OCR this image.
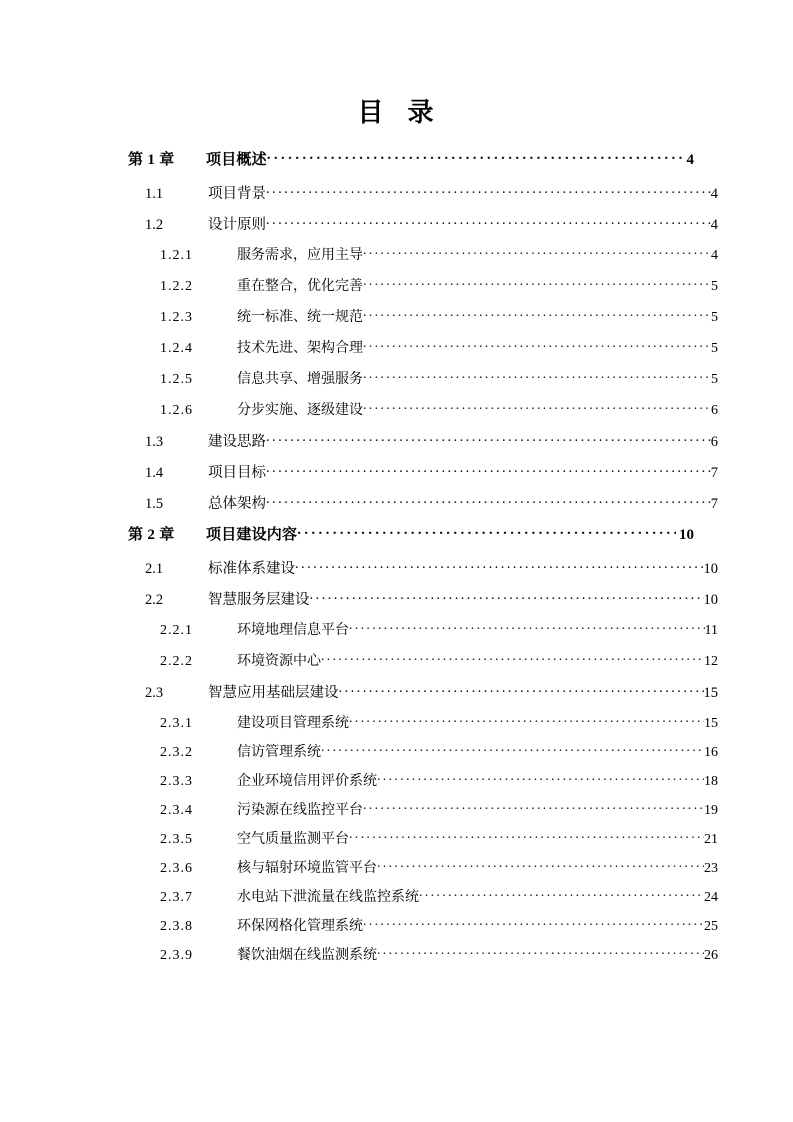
目  录
第 1 章	项目概述 . . .	4
1.1	项目背景 . . .	4
1.2	设计原则 . . .	4
1.2.1	服务需求，应用主导 . . .	4
1.2.2	重在整合，优化完善 . . .	5
1.2.3	统一标准、统一规范 . . .	5
1.2.4	技术先进、架构合理 . . .	5
1.2.5	信息共享、增强服务 . . .	5
1.2.6	分步实施、逐级建设 . . .	6
1.3	建设思路 . . .	6
1.4	项目目标 . . .	7
1.5	总体架构 . . .	7
第 2 章	项目建设内容 . . .	10
2.1	标准体系建设 . . .	10
2.2	智慧服务层建设 . . .	10
2.2.1	环境地理信息平台 . . .	11
2.2.2	环境资源中心 . . .	12
2.3	智慧应用基础层建设 . . .	15
2.3.1	建设项目管理系统 . . .	15
2.3.2	信访管理系统 . . .	16
2.3.3	企业环境信用评价系统 . . .	18
2.3.4	污染源在线监控平台 . . .	19
2.3.5	空气质量监测平台 . . .	21
2.3.6	核与辐射环境监管平台 . . .	23
2.3.7	水电站下泄流量在线监控系统 . . .	24
2.3.8	环保网格化管理系统 . . .	25
2.3.9	餐饮油烟在线监测系统 . . .	26
